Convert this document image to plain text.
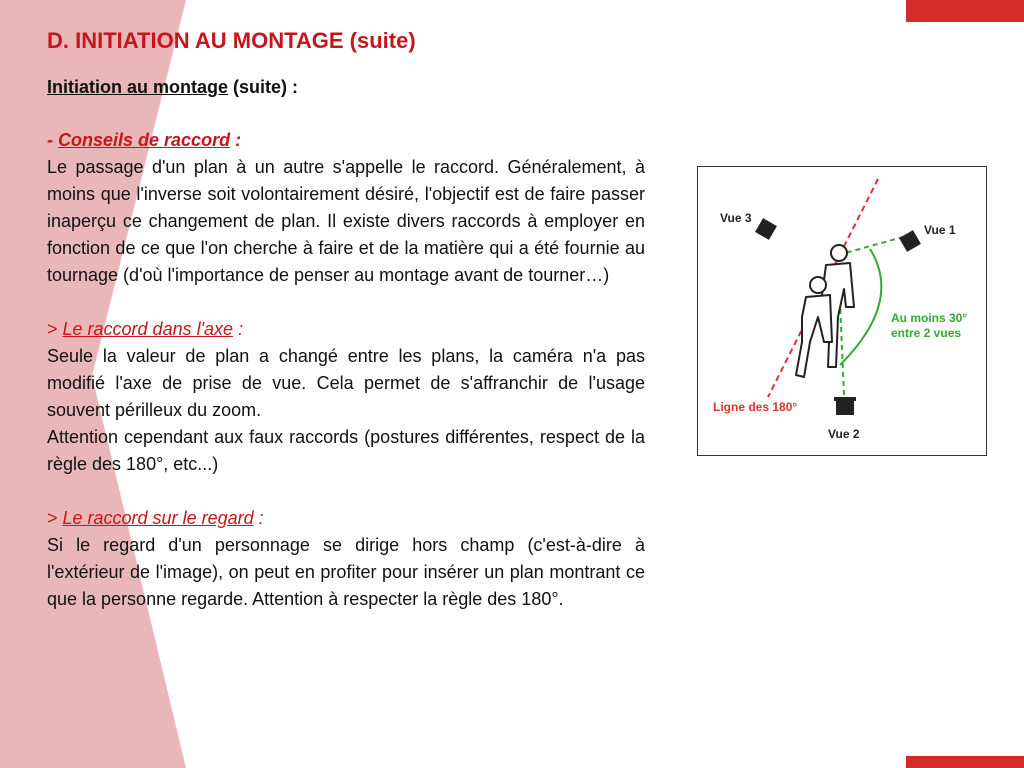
D. INITIATION AU MONTAGE (suite)

Initiation au montage (suite) :

- Conseils de raccord :

Le passage d'un plan à un autre s'appelle le raccord. Généralement, à moins que l'inverse soit volontairement désiré, l'objectif est de faire passer inaperçu ce changement de plan. Il existe divers raccords à employer en fonction de ce que l'on cherche à faire et de la matière qui a été fournie au tournage (d'où l'importance de penser au montage avant de tourner…)

> Le raccord dans l'axe :

Seule la valeur de plan a changé entre les plans, la caméra n'a pas modifié l'axe de prise de vue. Cela permet de s'affranchir de l'usage souvent périlleux du zoom.

Attention cependant aux faux raccords (postures différentes, respect de la règle des 180°, etc...)

> Le raccord sur le regard :

Si le regard d'un personnage se dirige hors champ (c'est-à-dire à l'extérieur de l'image), on peut en profiter pour insérer un plan montrant ce que la personne regarde. Attention à respecter la règle des 180°.

Vue 3
Vue 1
Vue 2
Au moins 30°
entre 2 vues
Ligne des 180°
